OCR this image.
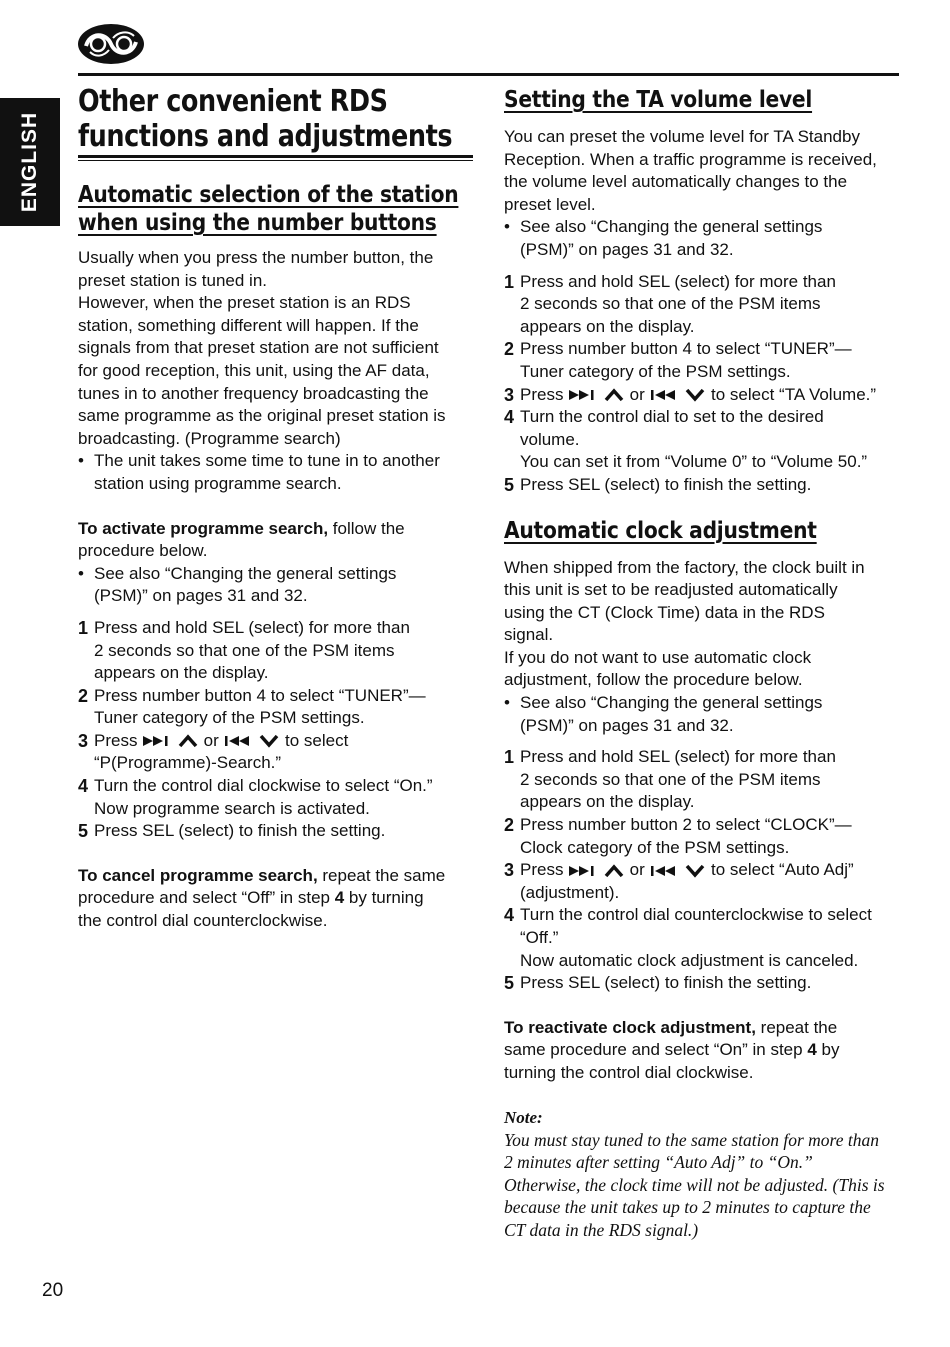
ENGLISH
Other convenient RDS
functions and adjustments
Automatic selection of the station
when using the number buttons
Usually when you press the number button, the
preset station is tuned in.
However, when the preset station is an RDS
station, something different will happen. If the
signals from that preset station are not sufficient
for good reception, this unit, using the AF data,
tunes in to another frequency broadcasting the
same programme as the original preset station is
broadcasting. (Programme search)
• The unit takes some time to tune in to another
station using programme search.
To activate programme search, follow the
procedure below.
• See also “Changing the general settings
(PSM)” on pages 31 and 32.
1 Press and hold SEL (select) for more than
2 seconds so that one of the PSM items
appears on the display.
2 Press number button 4 to select “TUNER”—
Tuner category of the PSM settings.
3 Press	or	to select
“P(Programme)-Search.”
4 Turn the control dial clockwise to select “On.”
Now programme search is activated.
5 Press SEL (select) to finish the setting.
To cancel programme search, repeat the same
procedure and select “Off” in step 4 by turning
the control dial counterclockwise.
Setting the TA volume level
You can preset the volume level for TA Standby
Reception. When a traffic programme is received,
the volume level automatically changes to the
preset level.
• See also “Changing the general settings
(PSM)” on pages 31 and 32.
1 Press and hold SEL (select) for more than
2 seconds so that one of the PSM items
appears on the display.
2 Press number button 4 to select “TUNER”—
Tuner category of the PSM settings.
3 Press	or	to select “TA Volume.”
4 Turn the control dial to set to the desired
volume.
You can set it from “Volume 0” to “Volume 50.”
5 Press SEL (select) to finish the setting.
Automatic clock adjustment
When shipped from the factory, the clock built in
this unit is set to be readjusted automatically
using the CT (Clock Time) data in the RDS
signal.
If you do not want to use automatic clock
adjustment, follow the procedure below.
• See also “Changing the general settings
(PSM)” on pages 31 and 32.
1 Press and hold SEL (select) for more than
2 seconds so that one of the PSM items
appears on the display.
2 Press number button 2 to select “CLOCK”—
Clock category of the PSM settings.
3 Press	or	to select “Auto Adj”
(adjustment).
4 Turn the control dial counterclockwise to select
“Off.”
Now automatic clock adjustment is canceled.
5 Press SEL (select) to finish the setting.
To reactivate clock adjustment, repeat the
same procedure and select “On” in step 4 by
turning the control dial clockwise.
Note:
You must stay tuned to the same station for more than
2 minutes after setting “Auto Adj” to “On.”
Otherwise, the clock time will not be adjusted. (This is
because the unit takes up to 2 minutes to capture the
CT data in the RDS signal.)
20
